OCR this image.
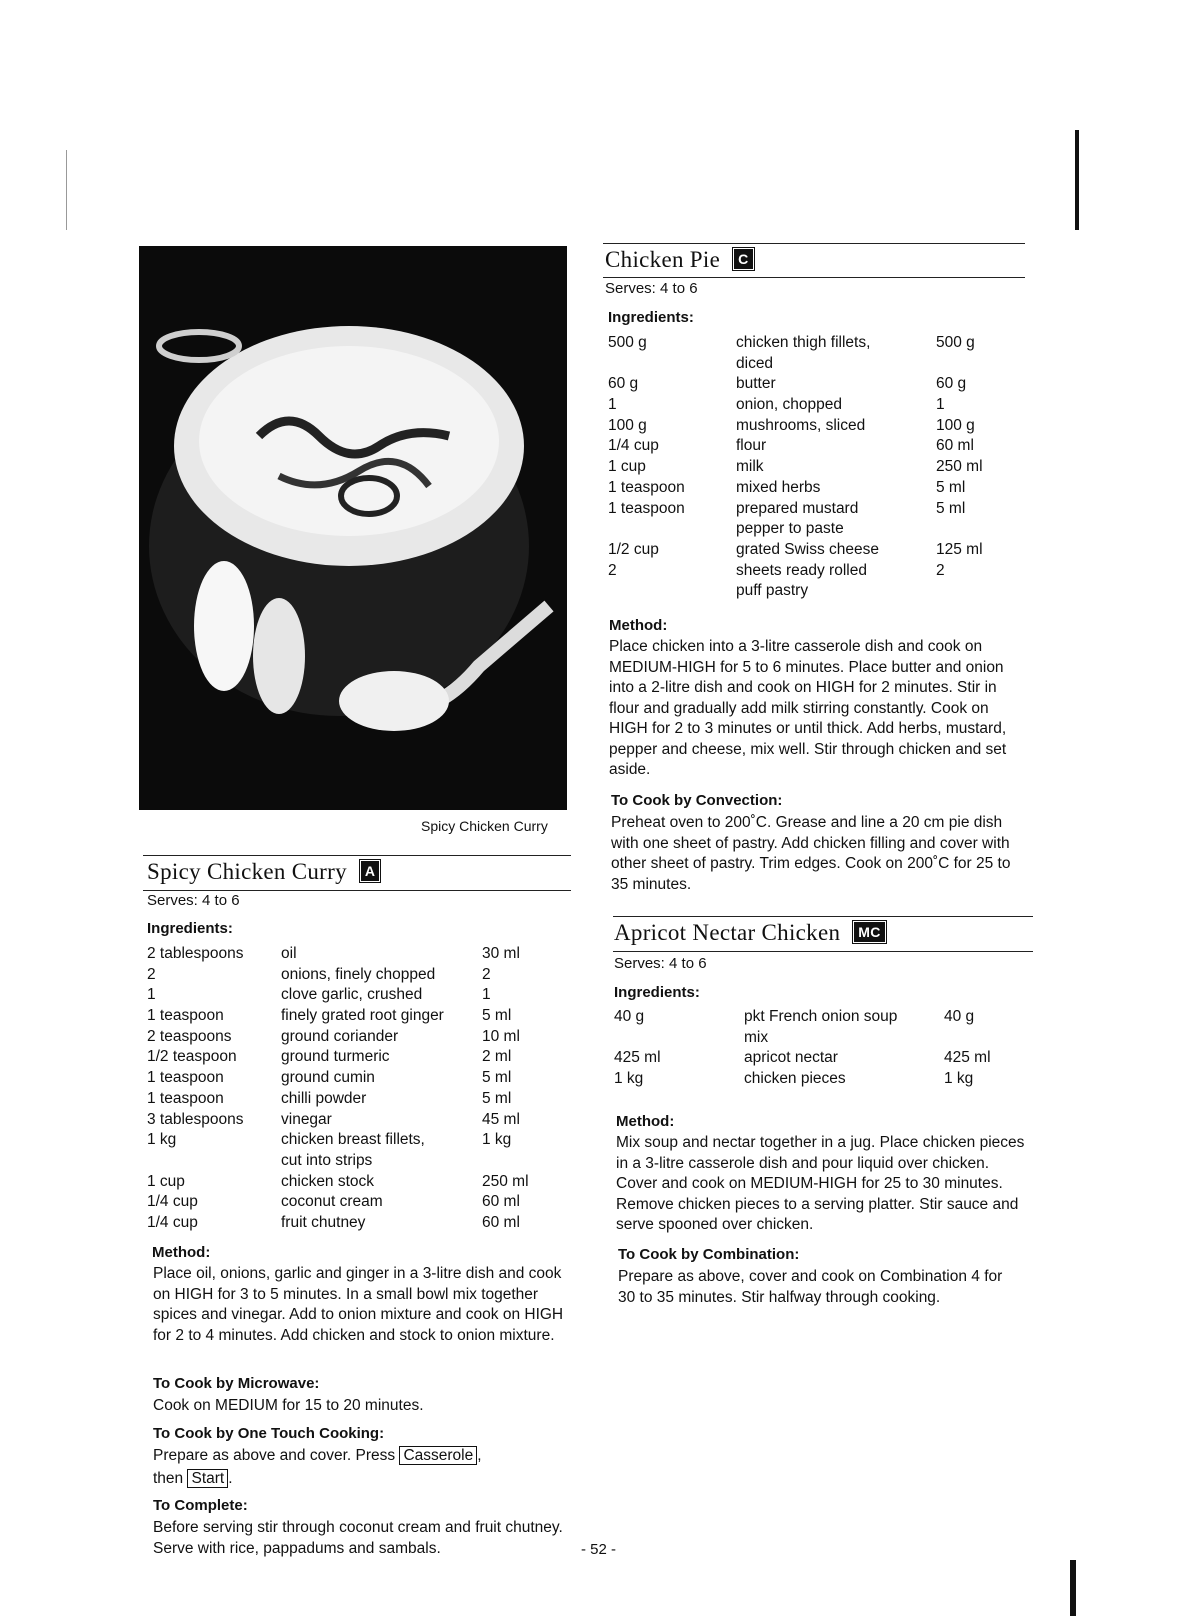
Spicy Chicken Curry
Spicy Chicken Curry A
Serves: 4 to 6
Ingredients:
2 tablespoons oil	30 ml
2	onions, finely chopped	2
1	clove garlic, crushed	1
1 teaspoon	finely grated root ginger 5 ml
2 teaspoons	ground coriander	10 ml
1/2 teaspoon	ground turmeric	2 ml
1 teaspoon	ground cumin	5 ml
1 teaspoon	chilli powder	5 ml
3 tablespoons vinegar	45 ml
1 kg	chicken breast fillets,	1 kg
cut into strips
1 cup	chicken stock	250 ml
1/4 cup	coconut cream	60 ml
1/4 cup	fruit chutney	60 ml
Method:
Place oil, onions, garlic and ginger in a 3-litre dish and cook on HIGH for 3 to 5 minutes. In a small bowl mix together spices and vinegar. Add to onion mixture and cook on HIGH for 2 to 4 minutes. Add chicken and stock to onion mixture.
To Cook by Microwave:
Cook on MEDIUM for 15 to 20 minutes.
To Cook by One Touch Cooking:
Prepare as above and cover. Press Casserole ,
then Start .
To Complete:
Before serving stir through coconut cream and fruit chutney. Serve with rice, pappadums and sambals.	- 52 -
Chicken Pie C
Serves: 4 to 6
Ingredients:
500 g	chicken thigh fillets,	500 g
diced
60 g	butter	60 g
1	onion, chopped	1
100 g	mushrooms, sliced	100 g
1/4 cup	flour	60 ml
1 cup	milk	250 ml
1 teaspoon	mixed herbs	5 ml
1 teaspoon	prepared mustard	5 ml
pepper to paste
1/2 cup	grated Swiss cheese	125 ml
2	sheets ready rolled	2
puff pastry
Method:
Place chicken into a 3-litre casserole dish and cook on MEDIUM-HIGH for 5 to 6 minutes. Place butter and onion into a 2-litre dish and cook on HIGH for 2 minutes. Stir in flour and gradually add milk stirring constantly. Cook on HIGH for 2 to 3 minutes or until thick. Add herbs, mustard, pepper and cheese, mix well. Stir through chicken and set aside.
To Cook by Convection:
Preheat oven to 200˚C. Grease and line a 20 cm pie dish with one sheet of pastry. Add chicken filling and cover with other sheet of pastry. Trim edges. Cook on 200˚C for 25 to 35 minutes.
Apricot Nectar Chicken MC
Serves: 4 to 6
Ingredients:
40 g	pkt French onion soup	40 g
mix
425 ml	apricot nectar	425 ml
1 kg	chicken pieces	1 kg
Method:
Mix soup and nectar together in a jug. Place chicken pieces in a 3-litre casserole dish and pour liquid over chicken. Cover and cook on MEDIUM-HIGH for 25 to 30 minutes. Remove chicken pieces to a serving platter. Stir sauce and serve spooned over chicken.
To Cook by Combination:
Prepare as above, cover and cook on Combination 4 for 30 to 35 minutes. Stir halfway through cooking.
